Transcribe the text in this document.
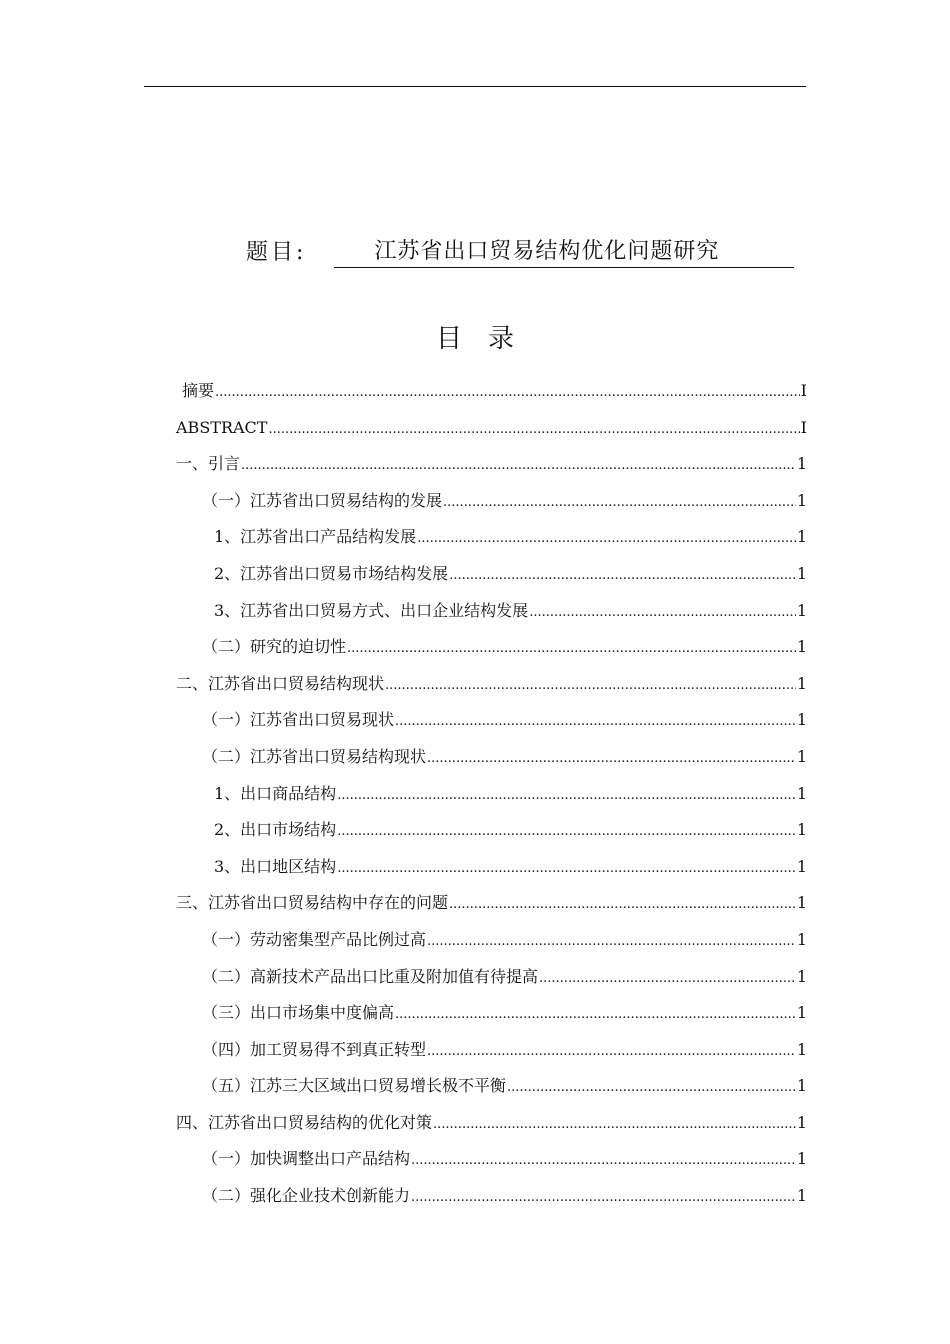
题目:	江苏省出口贸易结构优化问题研究
目录
摘要 .....	I
ABSTRACT .....	I
一、引言 .....	1
（一）江苏省出口贸易结构的发展 .....	1
1、江苏省出口产品结构发展 .....	1
2、江苏省出口贸易市场结构发展 .....	1
3、江苏省出口贸易方式、出口企业结构发展 .....	1
（二）研究的迫切性 .....	1
二、江苏省出口贸易结构现状 .....	1
（一）江苏省出口贸易现状 .....	1
（二）江苏省出口贸易结构现状 .....	1
1、出口商品结构 .....	1
2、出口市场结构 .....	1
3、出口地区结构 .....	1
三、江苏省出口贸易结构中存在的问题 .....	1
（一）劳动密集型产品比例过高 .....	1
（二）高新技术产品出口比重及附加值有待提高 .....	1
（三）出口市场集中度偏高 .....	1
（四）加工贸易得不到真正转型 .....	1
（五）江苏三大区域出口贸易增长极不平衡 .....	1
四、江苏省出口贸易结构的优化对策 .....	1
（一）加快调整出口产品结构 .....	1
（二）强化企业技术创新能力 .....	1
